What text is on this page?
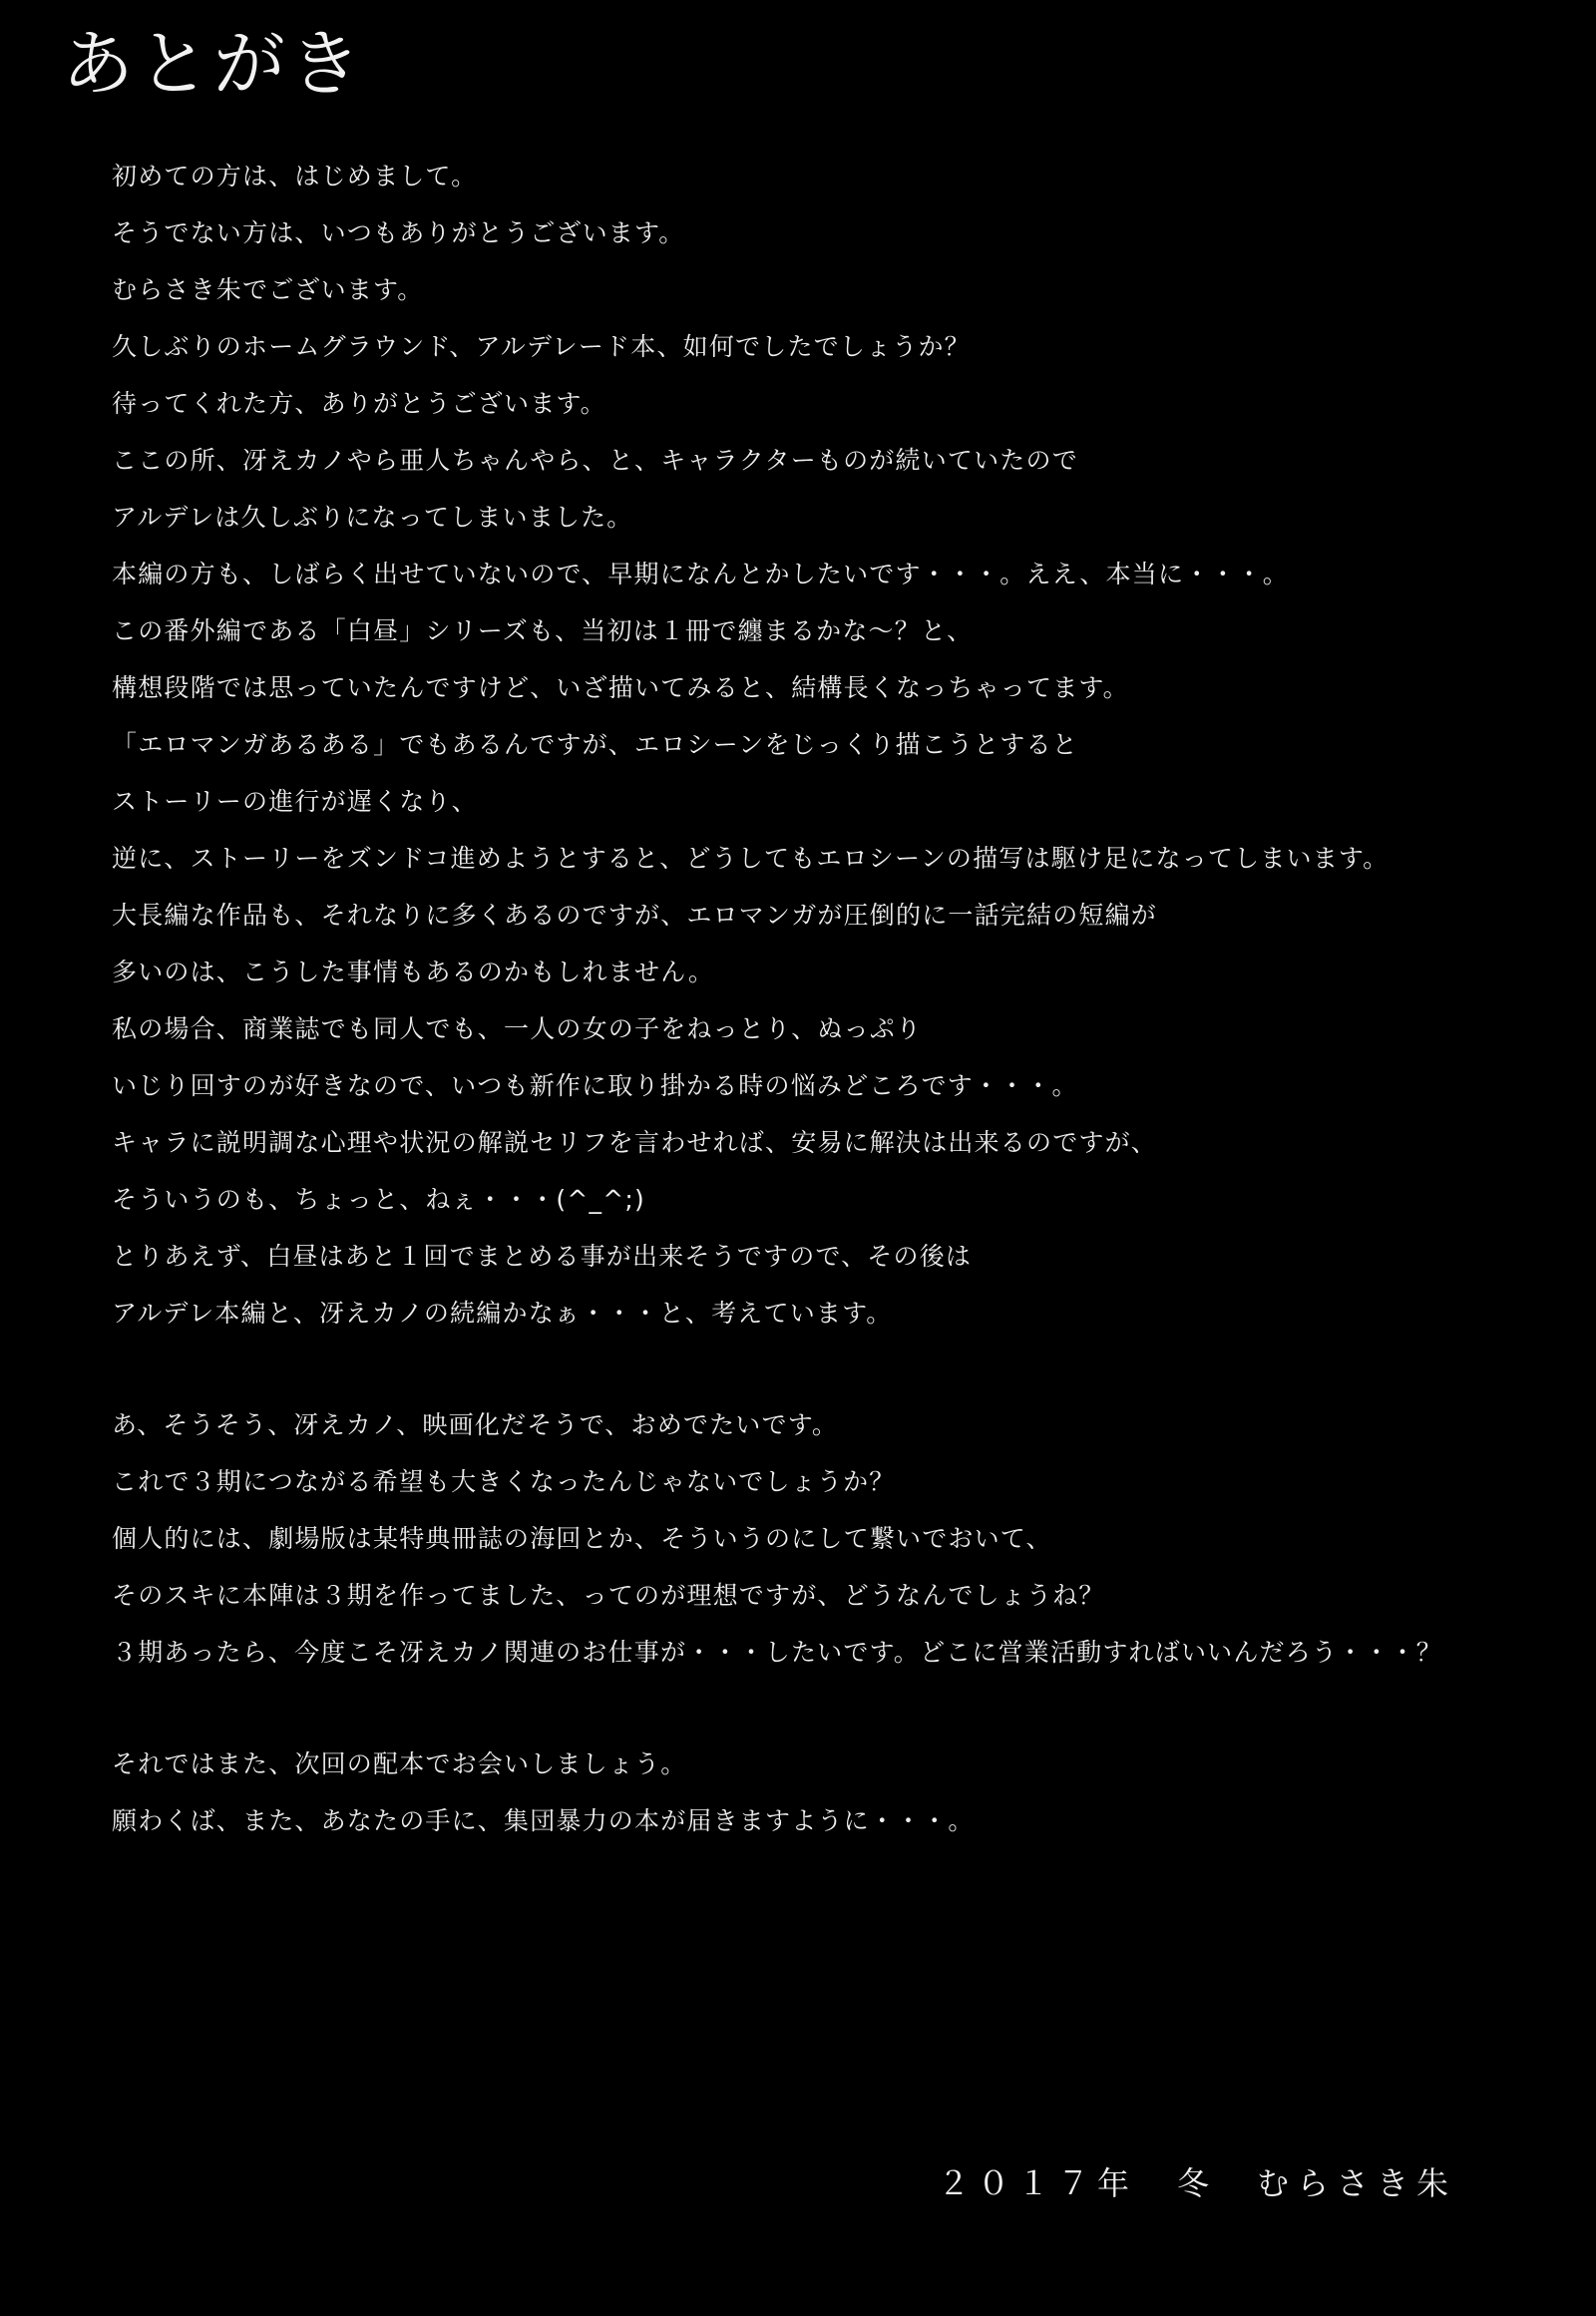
あとがき
初めての方は、はじめまして。
そうでない方は、いつもありがとうございます。
むらさき朱でございます。
久しぶりのホームグラウンド、アルデレード本、如何でしたでしょうか？
待ってくれた方、ありがとうございます。
ここの所、冴えカノやら亜人ちゃんやら、と、キャラクターものが続いていたので
アルデレは久しぶりになってしまいました。
本編の方も、しばらく出せていないので、早期になんとかしたいです・・・。ええ、本当に・・・。
この番外編である「白昼」シリーズも、当初は１冊で纏まるかな～？と、
構想段階では思っていたんですけど、いざ描いてみると、結構長くなっちゃってます。
「エロマンガあるある」でもあるんですが、エロシーンをじっくり描こうとすると
ストーリーの進行が遅くなり、
逆に、ストーリーをズンドコ進めようとすると、どうしてもエロシーンの描写は駆け足になってしまいます。
大長編な作品も、それなりに多くあるのですが、エロマンガが圧倒的に一話完結の短編が
多いのは、こうした事情もあるのかもしれません。
私の場合、商業誌でも同人でも、一人の女の子をねっとり、ぬっぷり
いじり回すのが好きなので、いつも新作に取り掛かる時の悩みどころです・・・。
キャラに説明調な心理や状況の解説セリフを言わせれば、安易に解決は出来るのですが、
そういうのも、ちょっと、ねぇ・・・(^_^;)
とりあえず、白昼はあと１回でまとめる事が出来そうですので、その後は
アルデレ本編と、冴えカノの続編かなぁ・・・と、考えています。
あ、そうそう、冴えカノ、映画化だそうで、おめでたいです。
これで３期につながる希望も大きくなったんじゃないでしょうか？
個人的には、劇場版は某特典冊誌の海回とか、そういうのにして繋いでおいて、
そのスキに本陣は３期を作ってました、ってのが理想ですが、どうなんでしょうね？
３期あったら、今度こそ冴えカノ関連のお仕事が・・・したいです。どこに営業活動すればいいんだろう・・・？
それではまた、次回の配本でお会いしましょう。
願わくば、また、あなたの手に、集団暴力の本が届きますように・・・。
２０１７年　冬　むらさき朱
